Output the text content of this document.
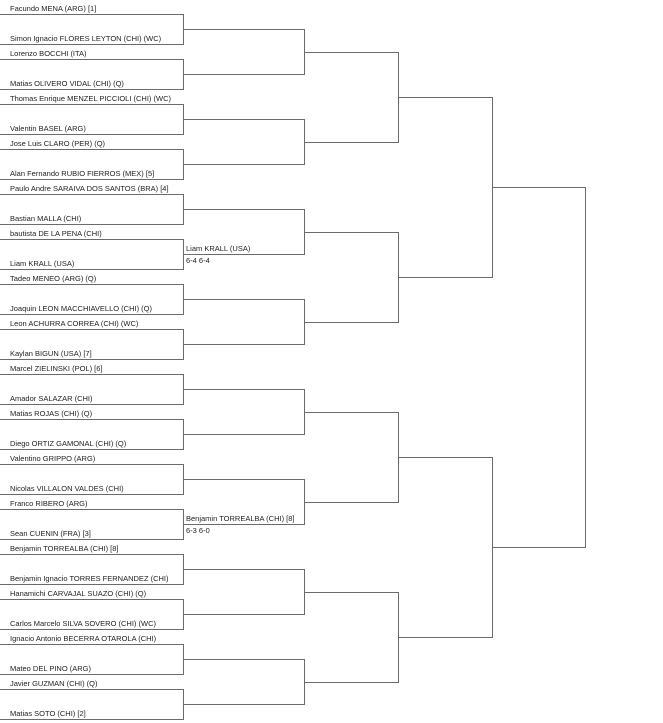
Facundo MENA (ARG) [1]
Simon Ignacio FLORES LEYTON (CHI) (WC)
Lorenzo BOCCHI (ITA)
Matias OLIVERO VIDAL (CHI) (Q)
Thomas Enrique MENZEL PICCIOLI (CHI) (WC)
Valentin BASEL (ARG)
Jose Luis CLARO (PER) (Q)
Alan Fernando RUBIO FIERROS (MEX) [5]
Paulo Andre SARAIVA DOS SANTOS (BRA) [4]
Bastian MALLA (CHI)
bautista DE LA PENA (CHI)
Liam KRALL (USA)
Tadeo MENEO (ARG) (Q)
Joaquin LEON MACCHIAVELLO (CHI) (Q)
Leon ACHURRA CORREA (CHI) (WC)
Kaylan BIGUN (USA) [7]
Marcel ZIELINSKI (POL) [6]
Amador SALAZAR (CHI)
Matias ROJAS (CHI) (Q)
Diego ORTIZ GAMONAL (CHI) (Q)
Valentino GRIPPO (ARG)
Nicolas VILLALON VALDES (CHI)
Franco RIBERO (ARG)
Sean CUENIN (FRA) [3]
Benjamin TORREALBA (CHI) [8]
Benjamin Ignacio TORRES FERNANDEZ (CHI)
Hanamichi CARVAJAL SUAZO (CHI) (Q)
Carlos Marcelo SILVA SOVERO (CHI) (WC)
Ignacio Antonio BECERRA OTAROLA (CHI)
Mateo DEL PINO (ARG)
Javier GUZMAN (CHI) (Q)
Matias SOTO (CHI) [2]
Liam KRALL (USA)
6-4 6-4
Benjamin TORREALBA (CHI) [8]
6-3 6-0
